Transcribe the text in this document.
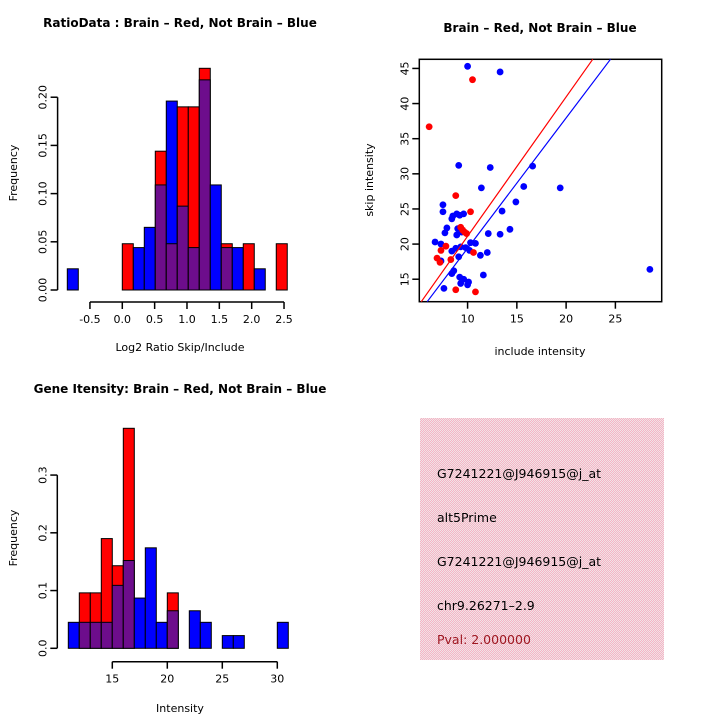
RatioData : Brain – Red, Not Brain – Blue
-0.5 0.0 0.5 1.0 1.5 2.0 2.5
0.00
0.05
0.10
0.15
0.20
Log2 Ratio Skip/Include
Frequency
Brain – Red, Not Brain – Blue
10	15	20	25
15
20
25
30
35
40
45
include intensity
skip intensity
Gene Itensity: Brain – Red, Not Brain – Blue
15	20	25	30
0.0
0.1
0.2
0.3
Intensity
Frequency
G7241221@J946915@j_at
alt5Prime
G7241221@J946915@j_at
chr9.26271–2.9
Pval: 2.000000
